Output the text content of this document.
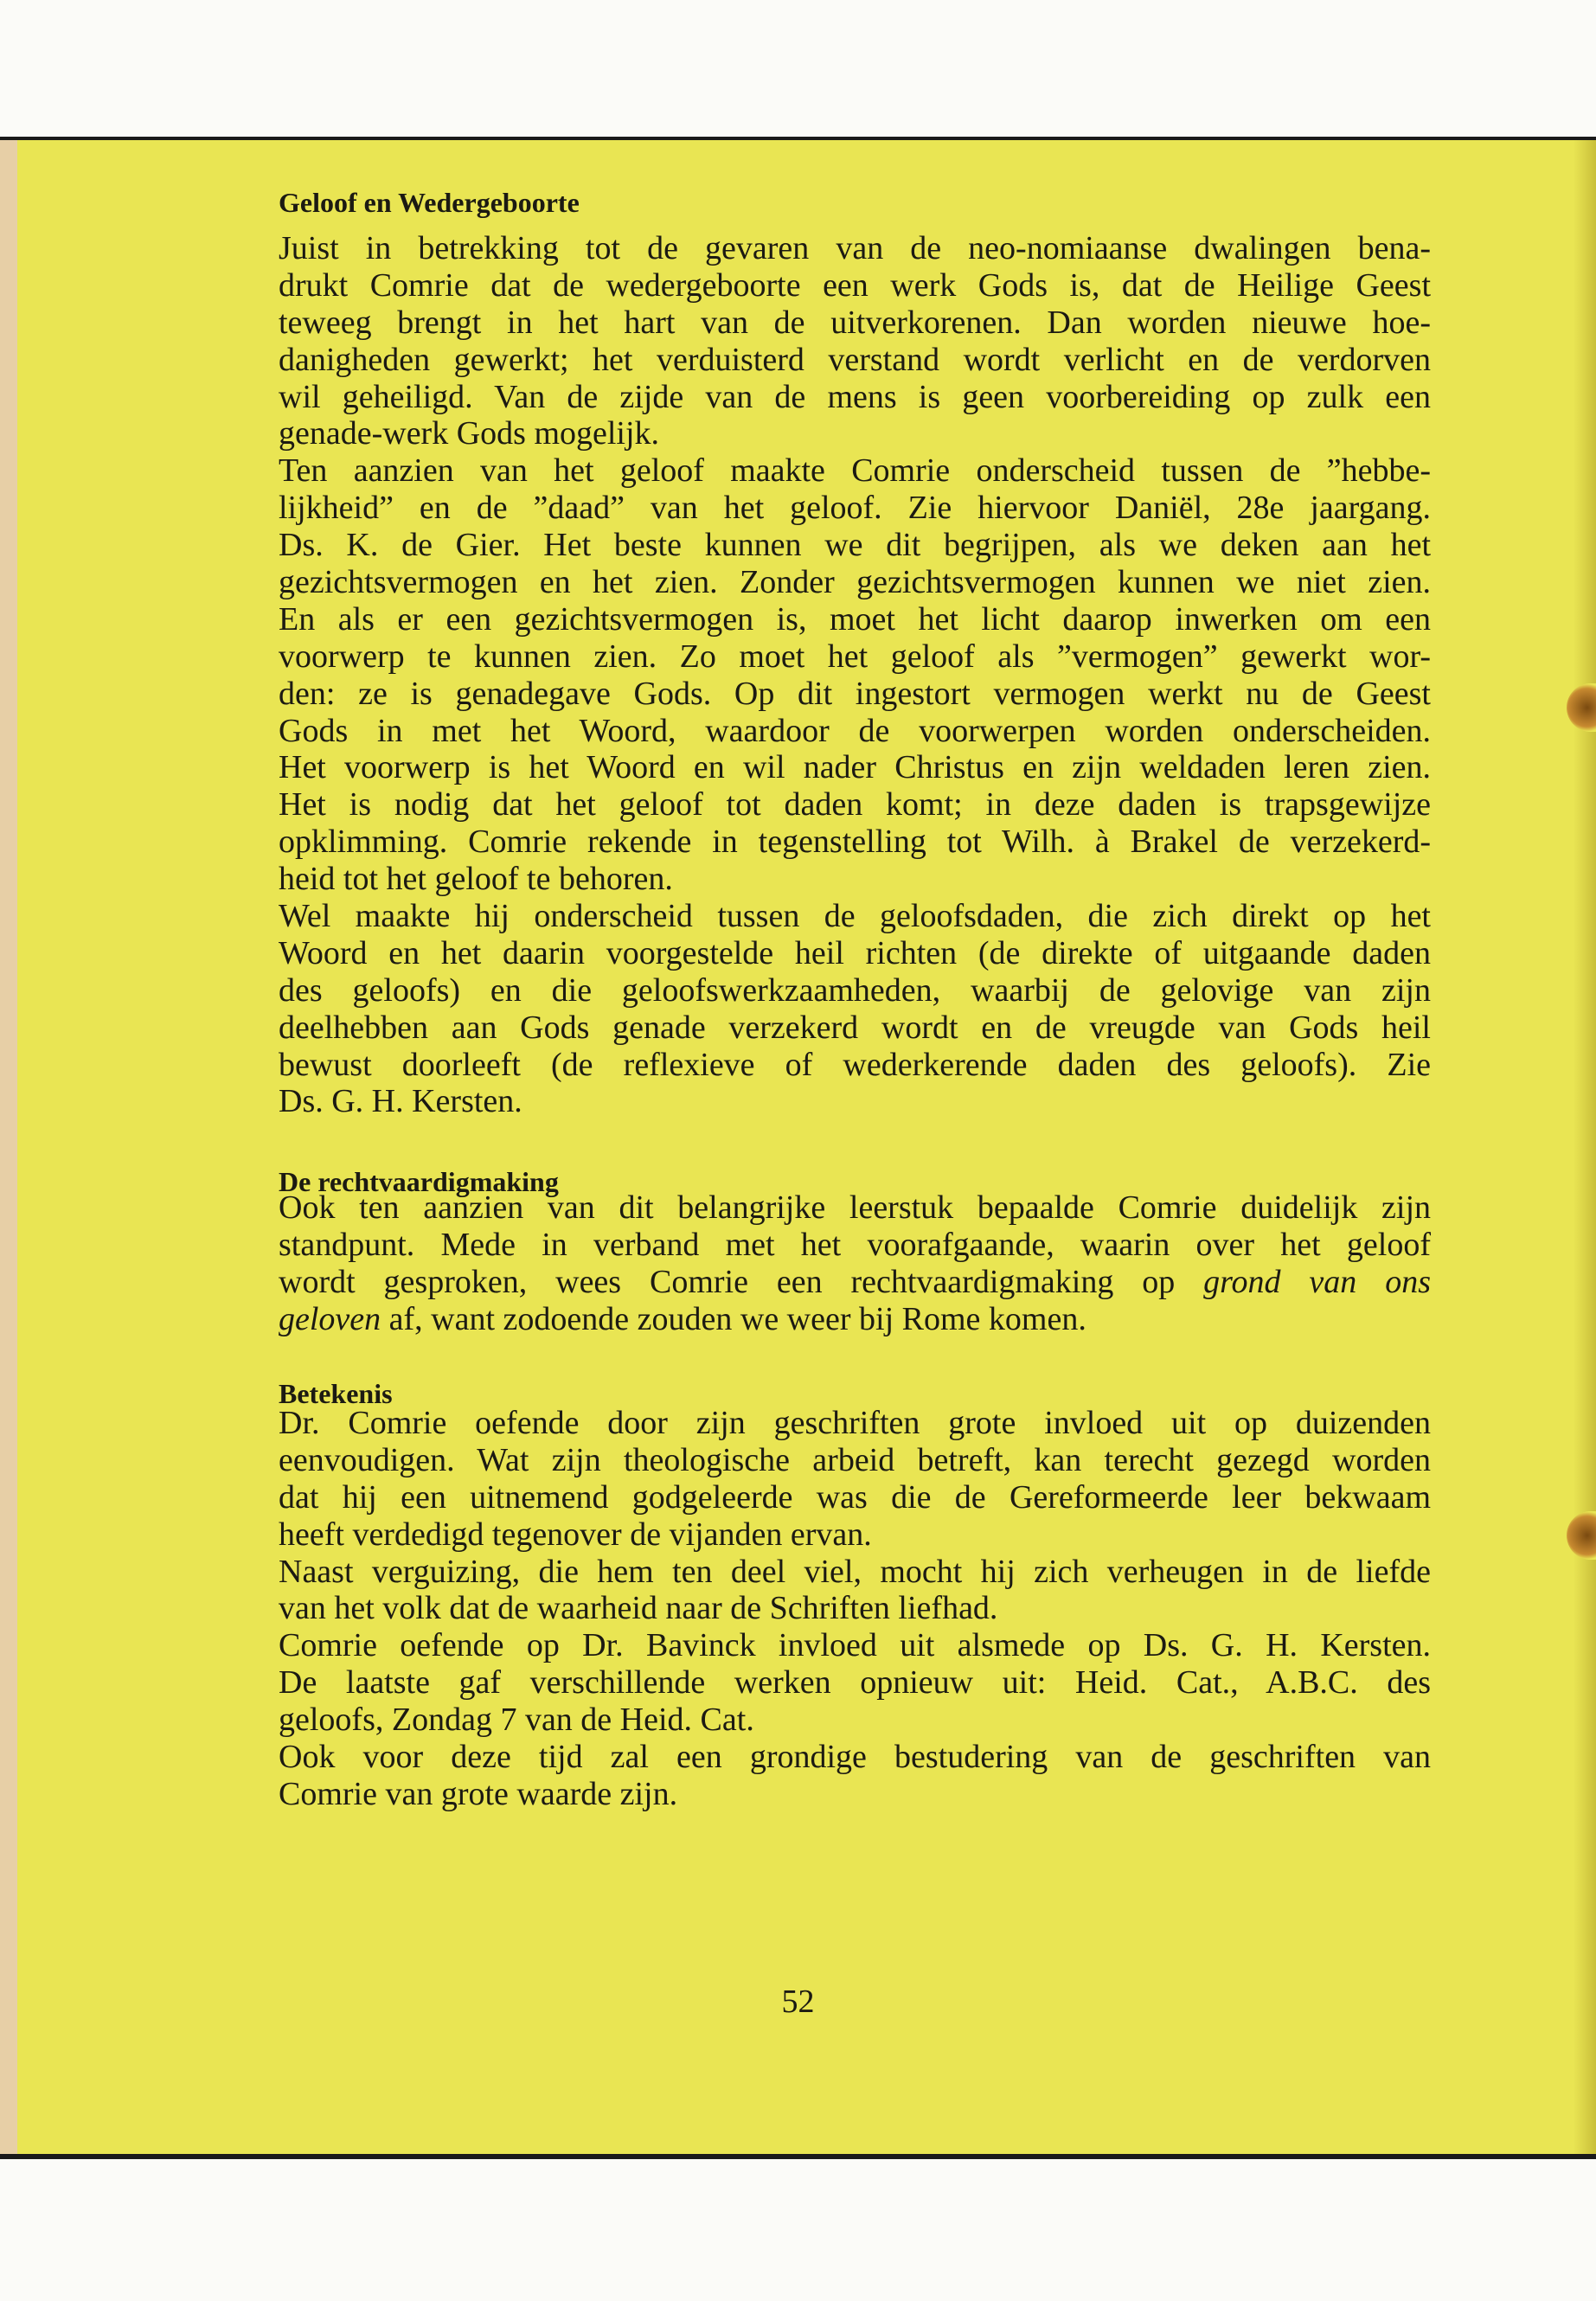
Geloof en Wedergeboorte
Juist in betrekking tot de gevaren van de neo-nomiaanse dwalingen bena-
drukt Comrie dat de wedergeboorte een werk Gods is, dat de Heilige Geest
teweeg brengt in het hart van de uitverkorenen. Dan worden nieuwe hoe-
danigheden gewerkt; het verduisterd verstand wordt verlicht en de verdorven
wil geheiligd. Van de zijde van de mens is geen voorbereiding op zulk een
genade-werk Gods mogelijk.
Ten aanzien van het geloof maakte Comrie onderscheid tussen de ”hebbe-
lijkheid” en de ”daad” van het geloof. Zie hiervoor Daniël, 28e jaargang.
Ds. K. de Gier. Het beste kunnen we dit begrijpen, als we deken aan het
gezichtsvermogen en het zien. Zonder gezichtsvermogen kunnen we niet zien.
En als er een gezichtsvermogen is, moet het licht daarop inwerken om een
voorwerp te kunnen zien. Zo moet het geloof als ”vermogen” gewerkt wor-
den: ze is genadegave Gods. Op dit ingestort vermogen werkt nu de Geest
Gods in met het Woord, waardoor de voorwerpen worden onderscheiden.
Het voorwerp is het Woord en wil nader Christus en zijn weldaden leren zien.
Het is nodig dat het geloof tot daden komt; in deze daden is trapsgewijze
opklimming. Comrie rekende in tegenstelling tot Wilh. à Brakel de verzekerd-
heid tot het geloof te behoren.
Wel maakte hij onderscheid tussen de geloofsdaden, die zich direkt op het
Woord en het daarin voorgestelde heil richten (de direkte of uitgaande daden
des geloofs) en die geloofswerkzaamheden, waarbij de gelovige van zijn
deelhebben aan Gods genade verzekerd wordt en de vreugde van Gods heil
bewust doorleeft (de reflexieve of wederkerende daden des geloofs). Zie
Ds. G. H. Kersten.
De rechtvaardigmaking
Ook ten aanzien van dit belangrijke leerstuk bepaalde Comrie duidelijk zijn
standpunt. Mede in verband met het voorafgaande, waarin over het geloof
wordt gesproken, wees Comrie een rechtvaardigmaking op grond van ons
geloven af, want zodoende zouden we weer bij Rome komen.
Betekenis
Dr. Comrie oefende door zijn geschriften grote invloed uit op duizenden
eenvoudigen. Wat zijn theologische arbeid betreft, kan terecht gezegd worden
dat hij een uitnemend godgeleerde was die de Gereformeerde leer bekwaam
heeft verdedigd tegenover de vijanden ervan.
Naast verguizing, die hem ten deel viel, mocht hij zich verheugen in de liefde
van het volk dat de waarheid naar de Schriften liefhad.
Comrie oefende op Dr. Bavinck invloed uit alsmede op Ds. G. H. Kersten.
De laatste gaf verschillende werken opnieuw uit: Heid. Cat., A.B.C. des
geloofs, Zondag 7 van de Heid. Cat.
Ook voor deze tijd zal een grondige bestudering van de geschriften van
Comrie van grote waarde zijn.
52
